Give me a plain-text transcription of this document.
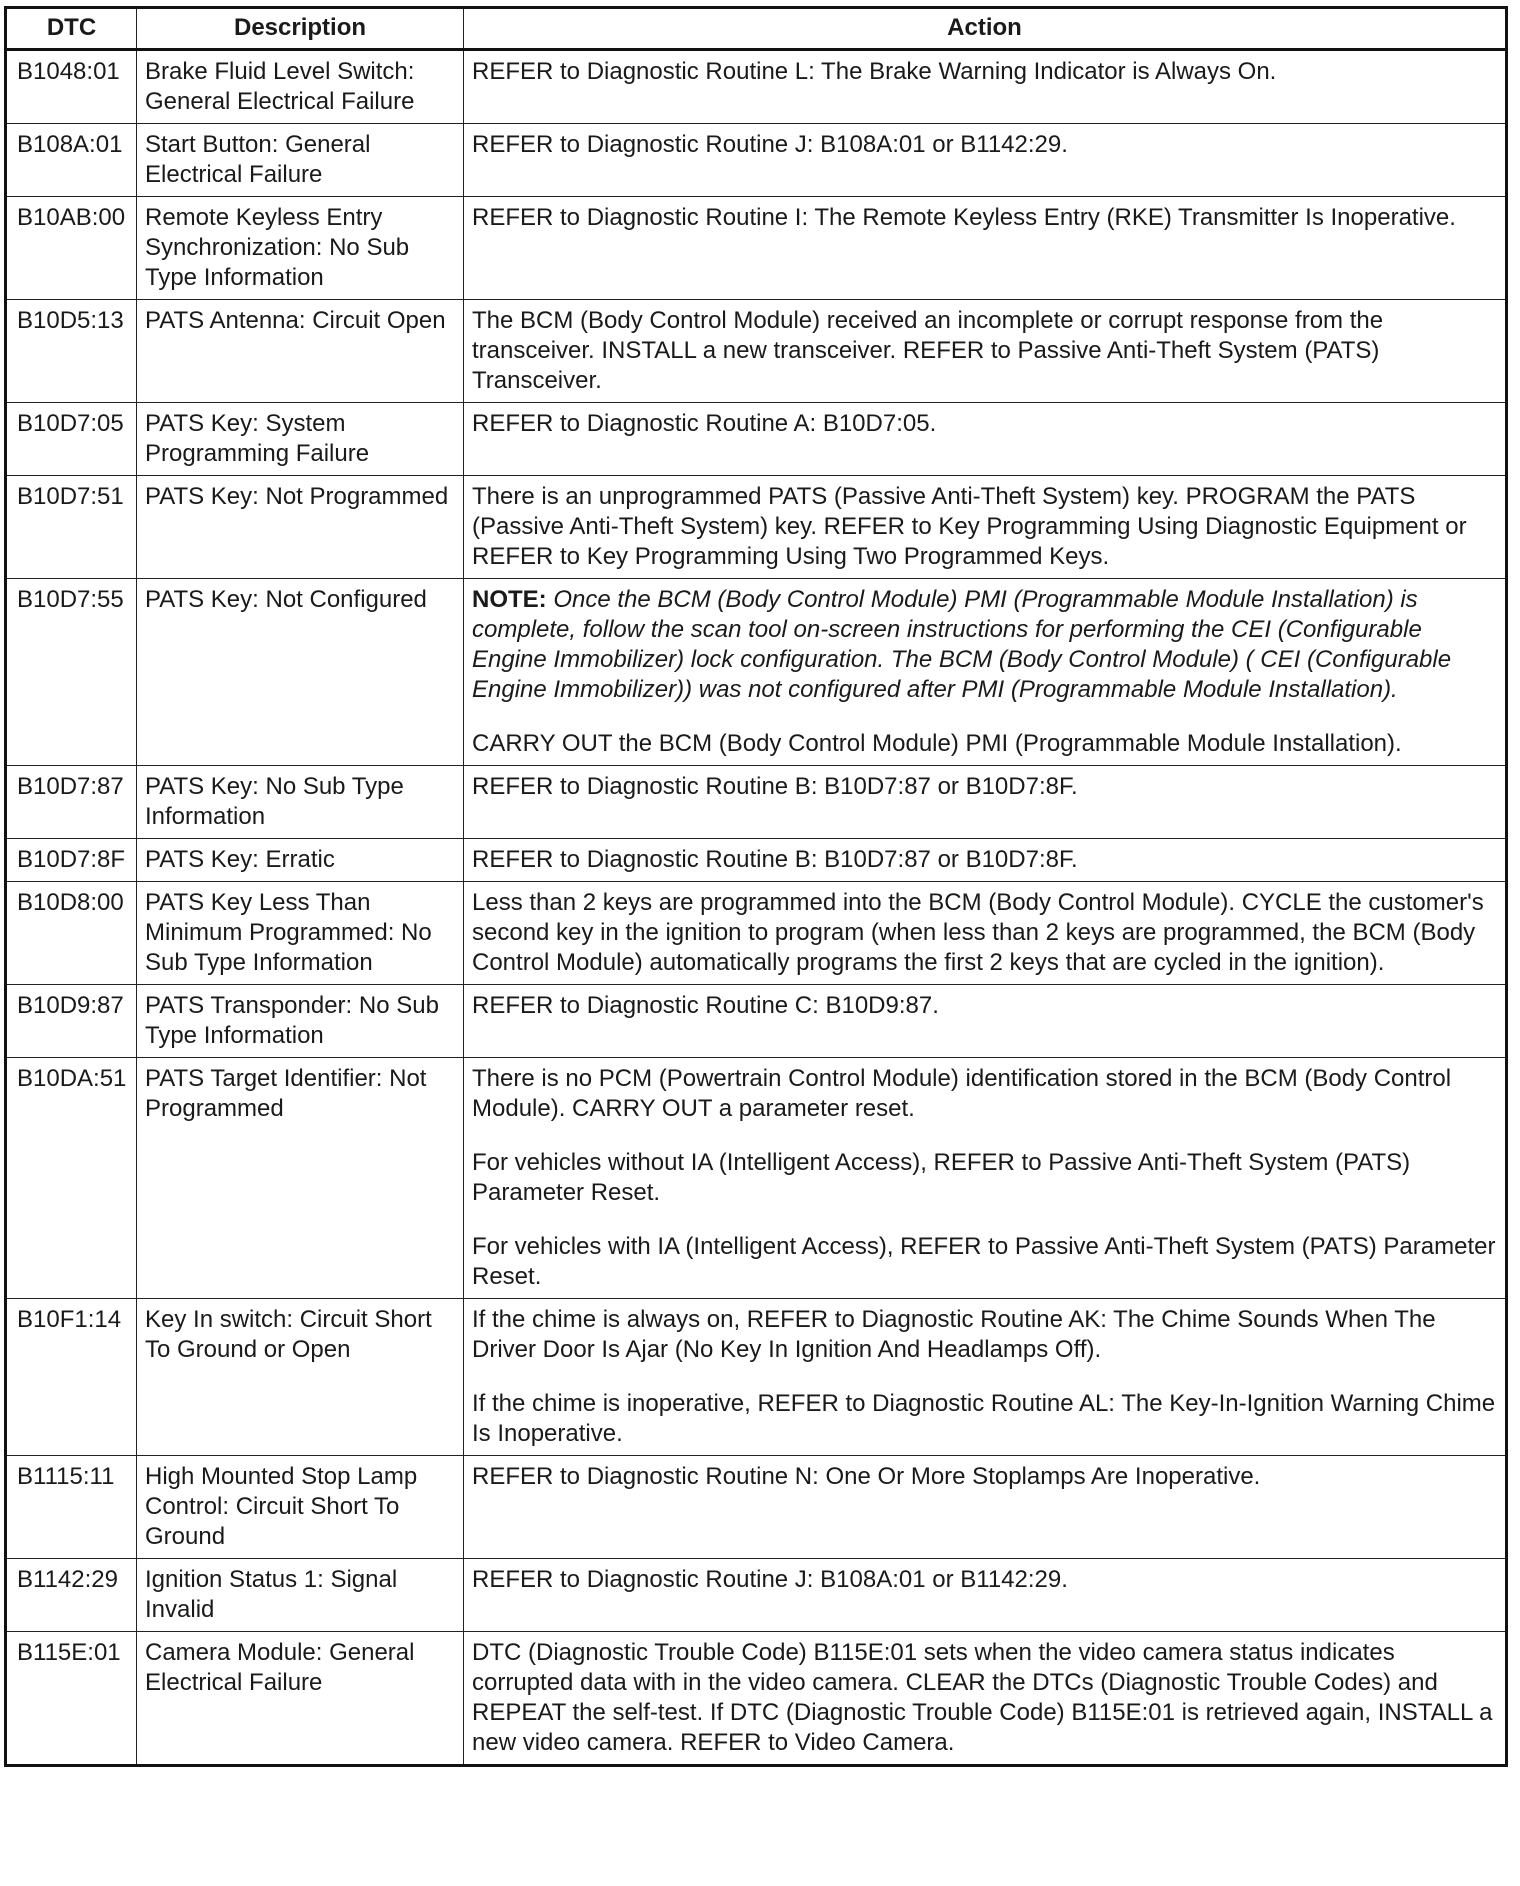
DTC	Description	Action
B1048:01	Brake Fluid Level Switch: General Electrical Failure	REFER to Diagnostic Routine L: The Brake Warning Indicator is Always On.

B108A:01	Start Button: General Electrical Failure	REFER to Diagnostic Routine J: B108A:01 or B1142:29.

B10AB:00	Remote Keyless Entry Synchronization: No Sub Type Information	REFER to Diagnostic Routine I: The Remote Keyless Entry (RKE) Transmitter Is Inoperative.

B10D5:13	PATS Antenna: Circuit Open	The BCM (Body Control Module) received an incomplete or corrupt response from the transceiver. INSTALL a new transceiver. REFER to Passive Anti-Theft System (PATS) Transceiver.

B10D7:05	PATS Key: System Programming Failure	REFER to Diagnostic Routine A: B10D7:05.

B10D7:51	PATS Key: Not Programmed	There is an unprogrammed PATS (Passive Anti-Theft System) key. PROGRAM the PATS (Passive Anti-Theft System) key. REFER to Key Programming Using Diagnostic Equipment or REFER to Key Programming Using Two Programmed Keys.

B10D7:55	PATS Key: Not Configured	NOTE: Once the BCM (Body Control Module) PMI (Programmable Module Installation) is complete, follow the scan tool on-screen instructions for performing the CEI (Configurable Engine Immobilizer) lock configuration. The BCM (Body Control Module) ( CEI (Configurable Engine Immobilizer)) was not configured after PMI (Programmable Module Installation).

CARRY OUT the BCM (Body Control Module) PMI (Programmable Module Installation).

B10D7:87	PATS Key: No Sub Type Information	REFER to Diagnostic Routine B: B10D7:87 or B10D7:8F.

B10D7:8F	PATS Key: Erratic	REFER to Diagnostic Routine B: B10D7:87 or B10D7:8F.

B10D8:00	PATS Key Less Than Minimum Programmed: No Sub Type Information	Less than 2 keys are programmed into the BCM (Body Control Module). CYCLE the customer's second key in the ignition to program (when less than 2 keys are programmed, the BCM (Body Control Module) automatically programs the first 2 keys that are cycled in the ignition).

B10D9:87	PATS Transponder: No Sub Type Information	REFER to Diagnostic Routine C: B10D9:87.

B10DA:51	PATS Target Identifier: Not Programmed	There is no PCM (Powertrain Control Module) identification stored in the BCM (Body Control Module). CARRY OUT a parameter reset.

For vehicles without IA (Intelligent Access), REFER to Passive Anti-Theft System (PATS) Parameter Reset.

For vehicles with IA (Intelligent Access), REFER to Passive Anti-Theft System (PATS) Parameter Reset.

B10F1:14	Key In switch: Circuit Short To Ground or Open	If the chime is always on, REFER to Diagnostic Routine AK: The Chime Sounds When The Driver Door Is Ajar (No Key In Ignition And Headlamps Off).

If the chime is inoperative, REFER to Diagnostic Routine AL: The Key-In-Ignition Warning Chime Is Inoperative.

B1115:11	High Mounted Stop Lamp Control: Circuit Short To Ground	REFER to Diagnostic Routine N: One Or More Stoplamps Are Inoperative.

B1142:29	Ignition Status 1: Signal Invalid	REFER to Diagnostic Routine J: B108A:01 or B1142:29.

B115E:01	Camera Module: General Electrical Failure	DTC (Diagnostic Trouble Code) B115E:01 sets when the video camera status indicates corrupted data with in the video camera. CLEAR the DTCs (Diagnostic Trouble Codes) and REPEAT the self-test. If DTC (Diagnostic Trouble Code) B115E:01 is retrieved again, INSTALL a new video camera. REFER to Video Camera.
